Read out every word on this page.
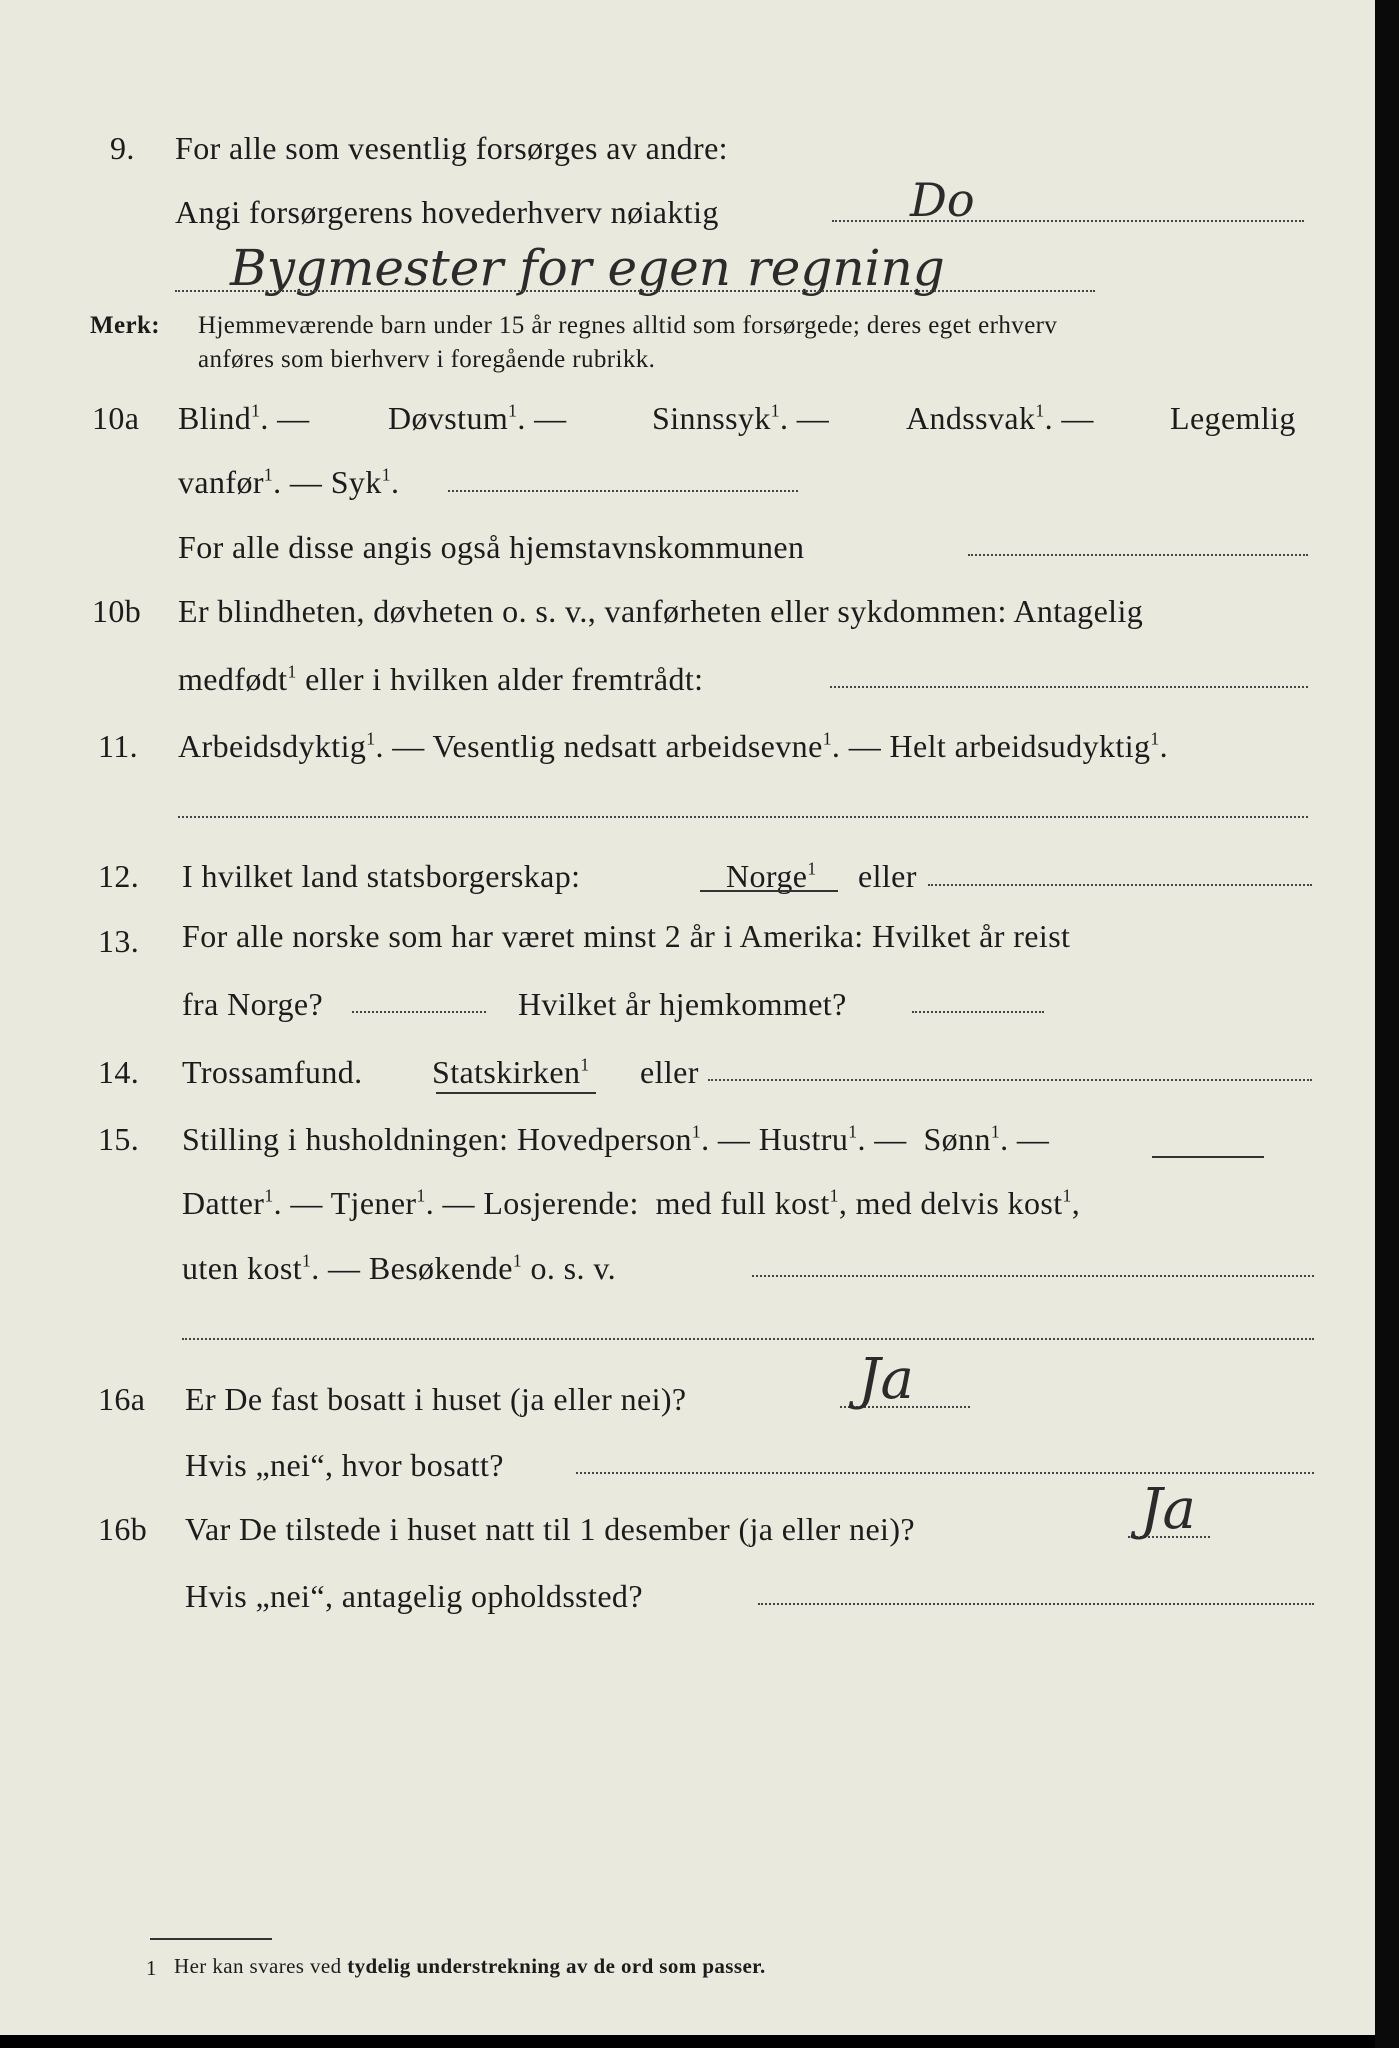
9. For alle som vesentlig forsørges av andre:
Angi forsørgerens hovederhverv nøiaktig	Do
Bygmester for egen regning
Merk: Hjemmeværende barn under 15 år regnes alltid som forsørgede; deres eget erhverv
anføres som bierhverv i foregående rubrikk.
10a Blind$^1$. — Døvstum$^1$. —	Sinnssyk$^1$. — Andssvak$^1$. — Legemlig
vanfør$^1$. — Syk$^1$.
For alle disse angis også hjemstavnskommunen
10b Er blindheten, døvheten o. s. v., vanførheten eller sykdommen: Antagelig
medfødt$^1$ eller i hvilken alder fremtrådt:
11. Arbeidsdyktig$^1$. — Vesentlig nedsatt arbeidsevne$^1$. — Helt arbeidsudyktig$^1$.
12. I hvilket land statsborgerskap:	Norge$^1$ eller
13. For alle norske som har været minst 2 år i Amerika: Hvilket år reist
fra Norge?	Hvilket år hjemkommet?
14. Trossamfund. Statskirken$^1$ eller
15. Stilling i husholdningen: Hovedperson$^1$. — Hustru$^1$. — Sønn$^1$. —
Datter$^1$. — Tjener$^1$. — Losjerende: med full kost$^1$, med delvis kost$^1$,
uten kost$^1$. — Besøkende$^1$ o. s. v.
16a Er De fast bosatt i huset (ja eller nei)?	Ja
Hvis „nei“, hvor bosatt?
16b Var De tilstede i huset natt til 1 desember (ja eller nei)?	Ja
Hvis „nei“, antagelig opholdssted?
1 Her kan svares ved tydelig understrekning av de ord som passer.
